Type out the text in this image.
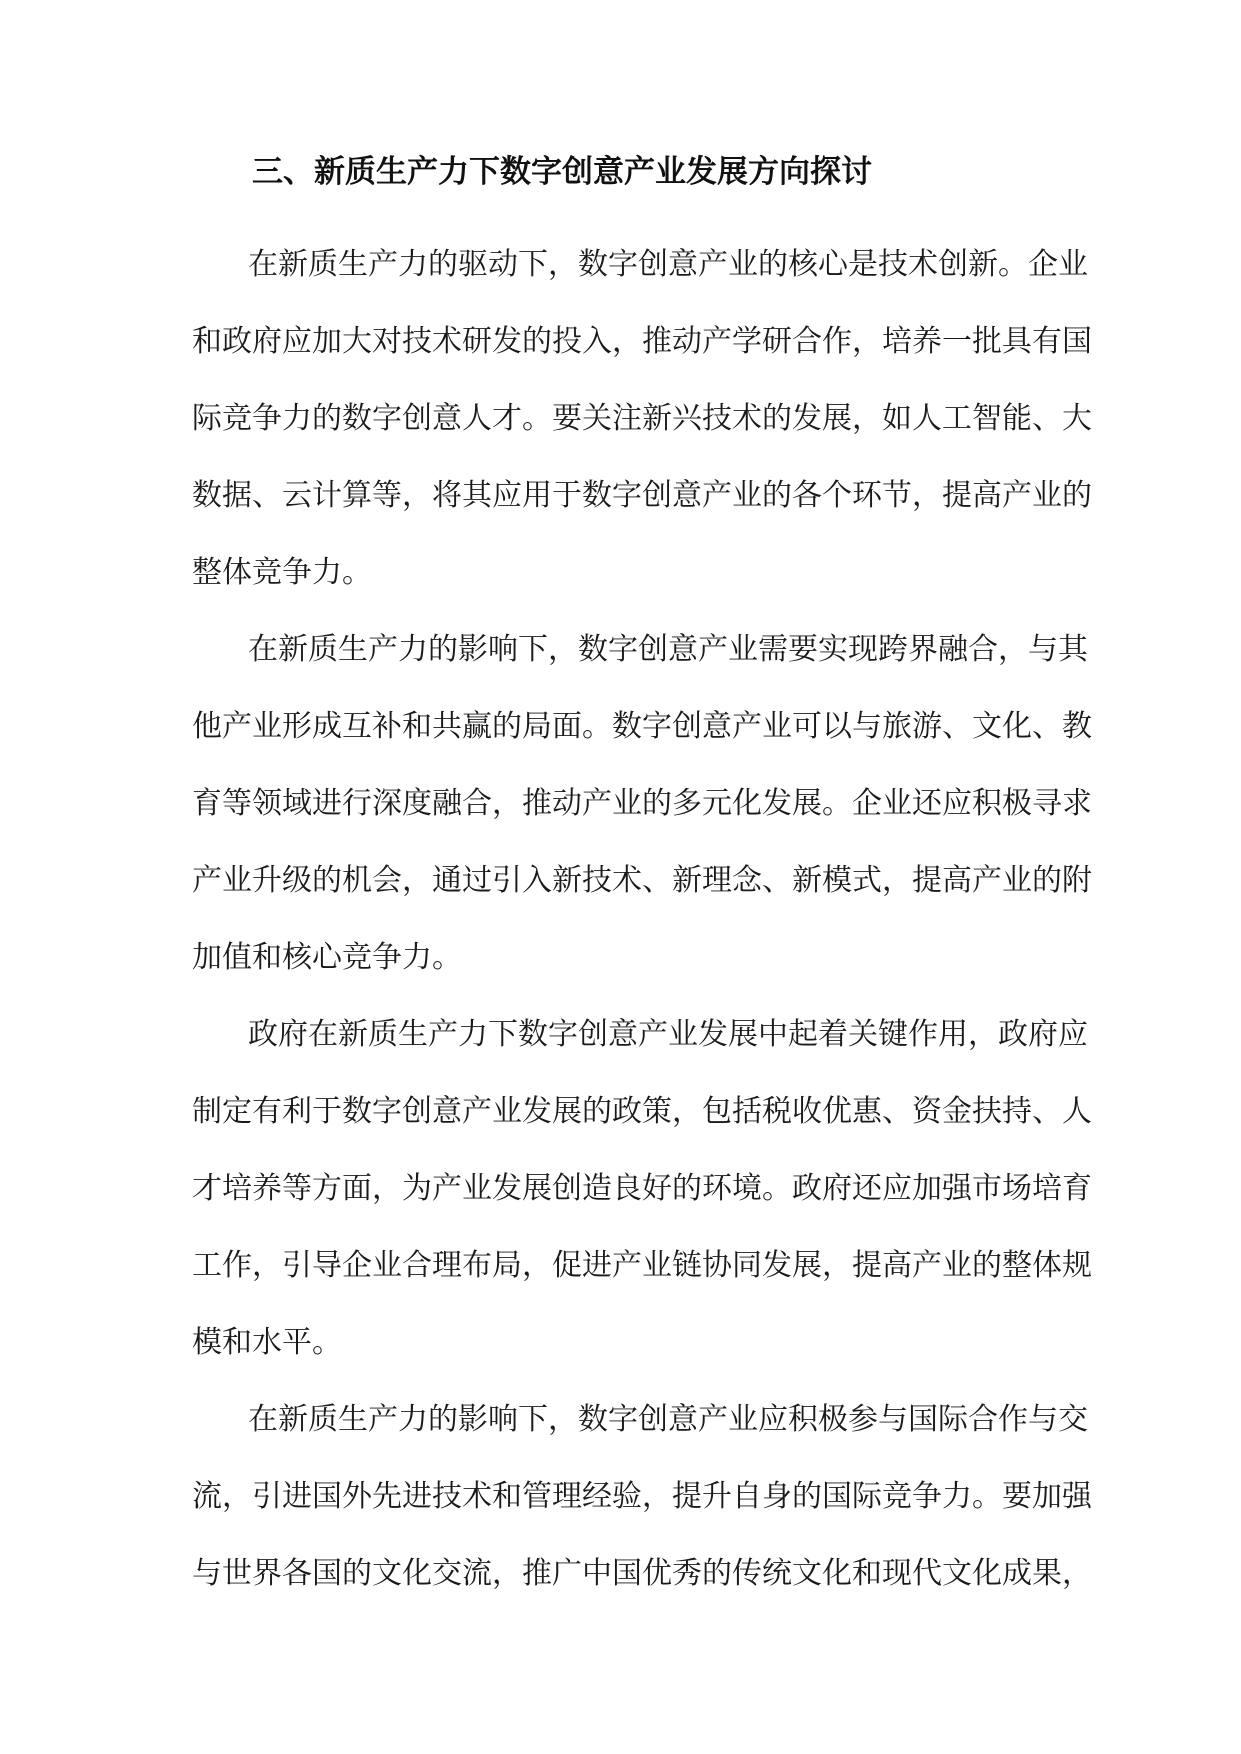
三、新质生产力下数字创意产业发展方向探讨

在新质生产力的驱动下，数字创意产业的核心是技术创新。企业
和政府应加大对技术研发的投入，推动产学研合作，培养一批具有国
际竞争力的数字创意人才。要关注新兴技术的发展，如人工智能、大
数据、云计算等，将其应用于数字创意产业的各个环节，提高产业的
整体竞争力。

在新质生产力的影响下，数字创意产业需要实现跨界融合，与其
他产业形成互补和共赢的局面。数字创意产业可以与旅游、文化、教
育等领域进行深度融合，推动产业的多元化发展。企业还应积极寻求
产业升级的机会，通过引入新技术、新理念、新模式，提高产业的附
加值和核心竞争力。

政府在新质生产力下数字创意产业发展中起着关键作用，政府应
制定有利于数字创意产业发展的政策，包括税收优惠、资金扶持、人
才培养等方面，为产业发展创造良好的环境。政府还应加强市场培育
工作，引导企业合理布局，促进产业链协同发展，提高产业的整体规
模和水平。

在新质生产力的影响下，数字创意产业应积极参与国际合作与交
流，引进国外先进技术和管理经验，提升自身的国际竞争力。要加强
与世界各国的文化交流，推广中国优秀的传统文化和现代文化成果，
